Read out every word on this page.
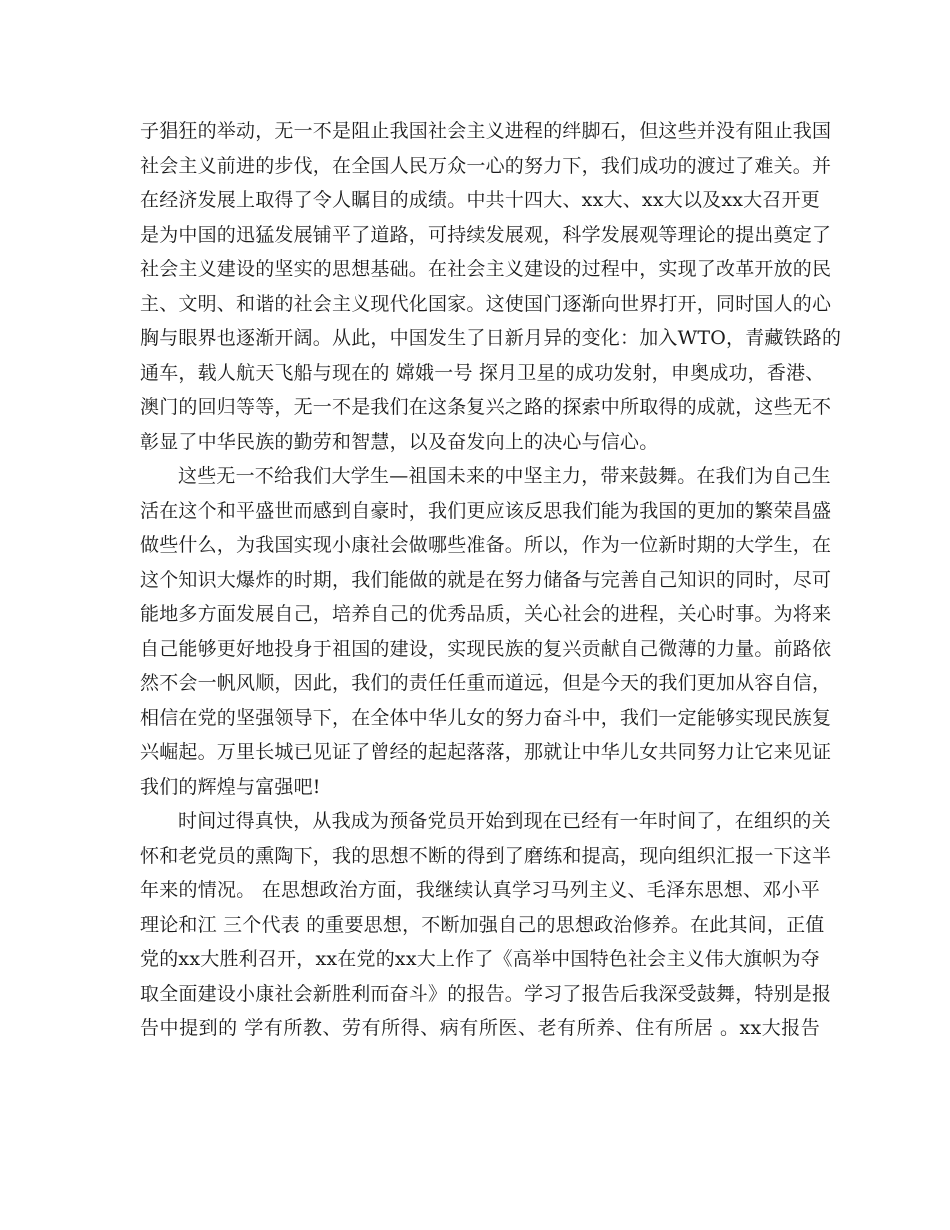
子猖狂的举动，无一不是阻止我国社会主义进程的绊脚石，但这些并没有阻止我国
社会主义前进的步伐，在全国人民万众一心的努力下，我们成功的渡过了难关。并
在经济发展上取得了令人瞩目的成绩。中共十四大、xx大、xx大以及xx大召开更
是为中国的迅猛发展铺平了道路，可持续发展观，科学发展观等理论的提出奠定了
社会主义建设的坚实的思想基础。在社会主义建设的过程中，实现了改革开放的民
主、文明、和谐的社会主义现代化国家。这使国门逐渐向世界打开，同时国人的心
胸与眼界也逐渐开阔。从此，中国发生了日新月异的变化：加入WTO，青藏铁路的
通车，载人航天飞船与现在的 嫦娥一号 探月卫星的成功发射，申奥成功，香港、
澳门的回归等等，无一不是我们在这条复兴之路的探索中所取得的成就，这些无不
彰显了中华民族的勤劳和智慧，以及奋发向上的决心与信心。
这些无一不给我们大学生—祖国未来的中坚主力，带来鼓舞。在我们为自己生
活在这个和平盛世而感到自豪时，我们更应该反思我们能为我国的更加的繁荣昌盛
做些什么，为我国实现小康社会做哪些准备。所以，作为一位新时期的大学生，在
这个知识大爆炸的时期，我们能做的就是在努力储备与完善自己知识的同时，尽可
能地多方面发展自己，培养自己的优秀品质，关心社会的进程，关心时事。为将来
自己能够更好地投身于祖国的建设，实现民族的复兴贡献自己微薄的力量。前路依
然不会一帆风顺，因此，我们的责任任重而道远，但是今天的我们更加从容自信，
相信在党的坚强领导下，在全体中华儿女的努力奋斗中，我们一定能够实现民族复
兴崛起。万里长城已见证了曾经的起起落落，那就让中华儿女共同努力让它来见证
我们的辉煌与富强吧!
时间过得真快，从我成为预备党员开始到现在已经有一年时间了，在组织的关
怀和老党员的熏陶下，我的思想不断的得到了磨练和提高，现向组织汇报一下这半
年来的情况。 在思想政治方面，我继续认真学习马列主义、毛泽东思想、邓小平
理论和江 三个代表 的重要思想，不断加强自己的思想政治修养。在此其间，正值
党的xx大胜利召开，xx在党的xx大上作了《高举中国特色社会主义伟大旗帜为夺
取全面建设小康社会新胜利而奋斗》的报告。学习了报告后我深受鼓舞，特别是报
告中提到的 学有所教、劳有所得、病有所医、老有所养、住有所居 。xx大报告
